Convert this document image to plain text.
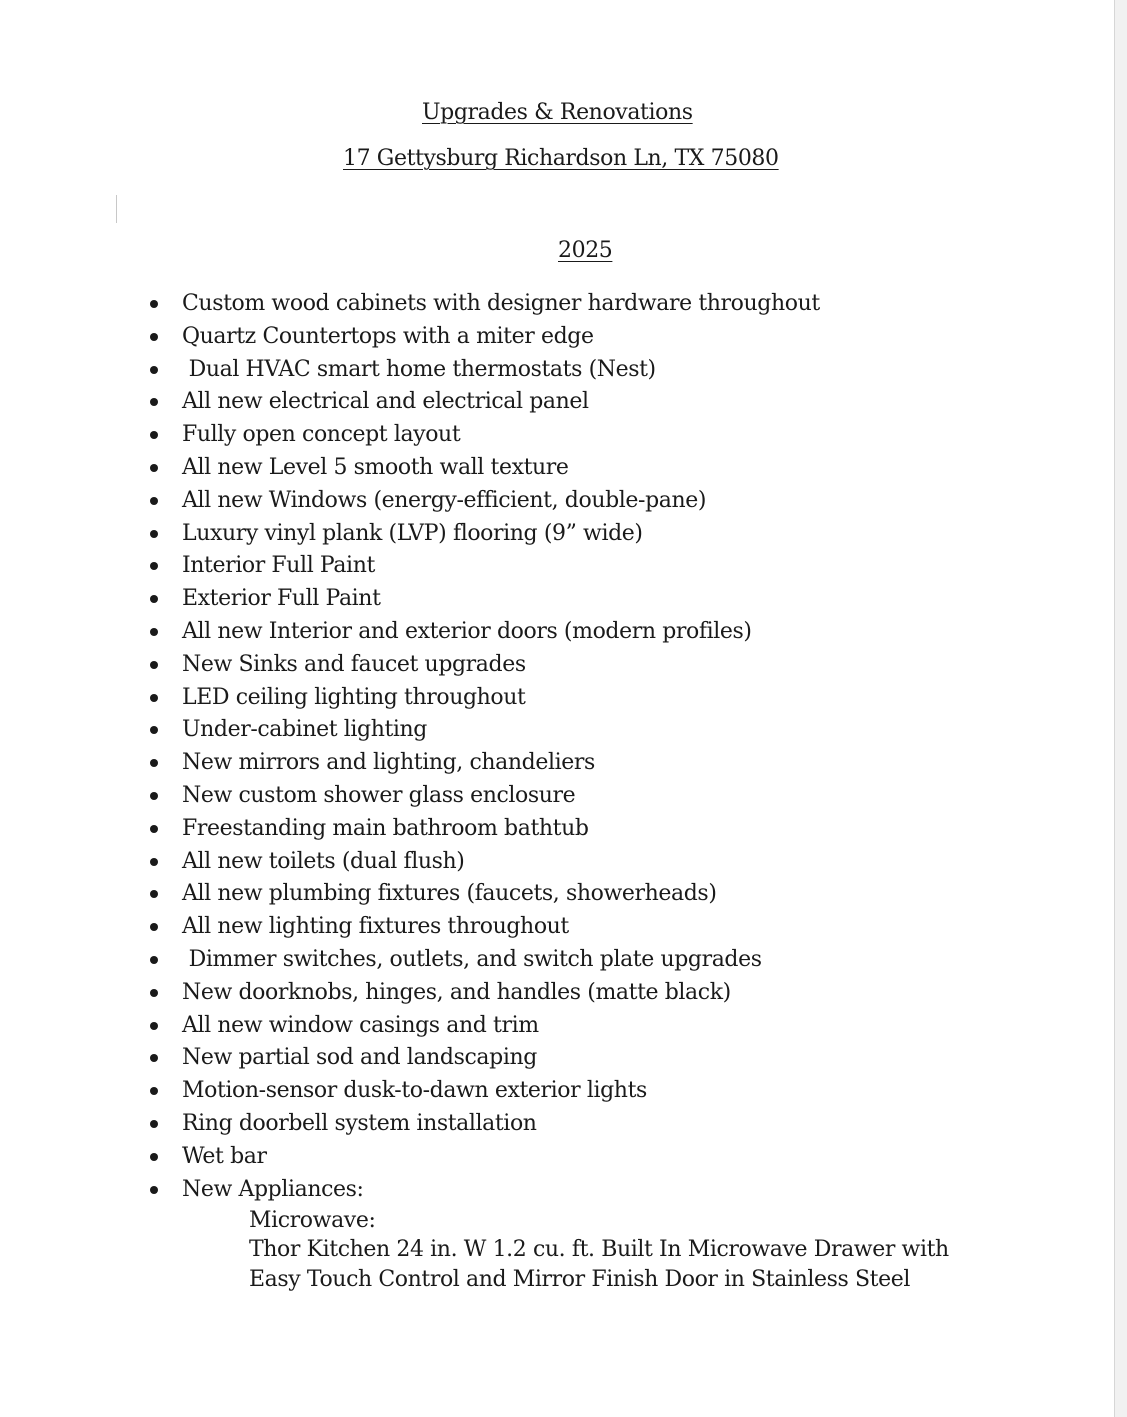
Upgrades & Renovations

17 Gettysburg Richardson Ln, TX 75080

2025

Custom wood cabinets with designer hardware throughout
Quartz Countertops with a miter edge
Dual HVAC smart home thermostats (Nest)
All new electrical and electrical panel
Fully open concept layout
All new Level 5 smooth wall texture
All new Windows (energy-efficient, double-pane)
Luxury vinyl plank (LVP) flooring (9” wide)
Interior Full Paint
Exterior Full Paint
All new Interior and exterior doors (modern profiles)
New Sinks and faucet upgrades
LED ceiling lighting throughout
Under-cabinet lighting
New mirrors and lighting, chandeliers
New custom shower glass enclosure
Freestanding main bathroom bathtub
All new toilets (dual flush)
All new plumbing fixtures (faucets, showerheads)
All new lighting fixtures throughout
Dimmer switches, outlets, and switch plate upgrades
New doorknobs, hinges, and handles (matte black)
All new window casings and trim
New partial sod and landscaping
Motion-sensor dusk-to-dawn exterior lights
Ring doorbell system installation
Wet bar
New Appliances:
Microwave:
Thor Kitchen 24 in. W 1.2 cu. ft. Built In Microwave Drawer with
Easy Touch Control and Mirror Finish Door in Stainless Steel
